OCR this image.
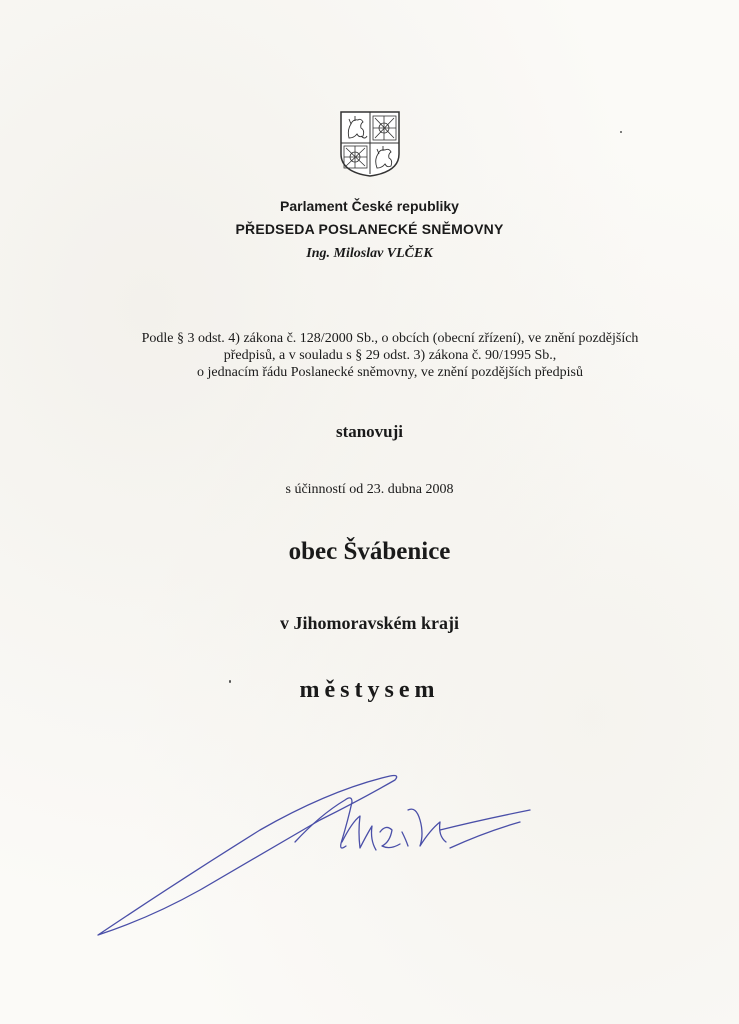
Parlament České republiky
PŘEDSEDA POSLANECKÉ SNĚMOVNY
Ing. Miloslav VLČEK
Podle § 3 odst. 4) zákona č. 128/2000 Sb., o obcích (obecní zřízení), ve znění pozdějších
předpisů, a v souladu s § 29 odst. 3) zákona č. 90/1995 Sb.,
o jednacím řádu Poslanecké sněmovny, ve znění pozdějších předpisů
stanovuji
s účinností od 23. dubna 2008
obec Švábenice
v Jihomoravském kraji
městysem
